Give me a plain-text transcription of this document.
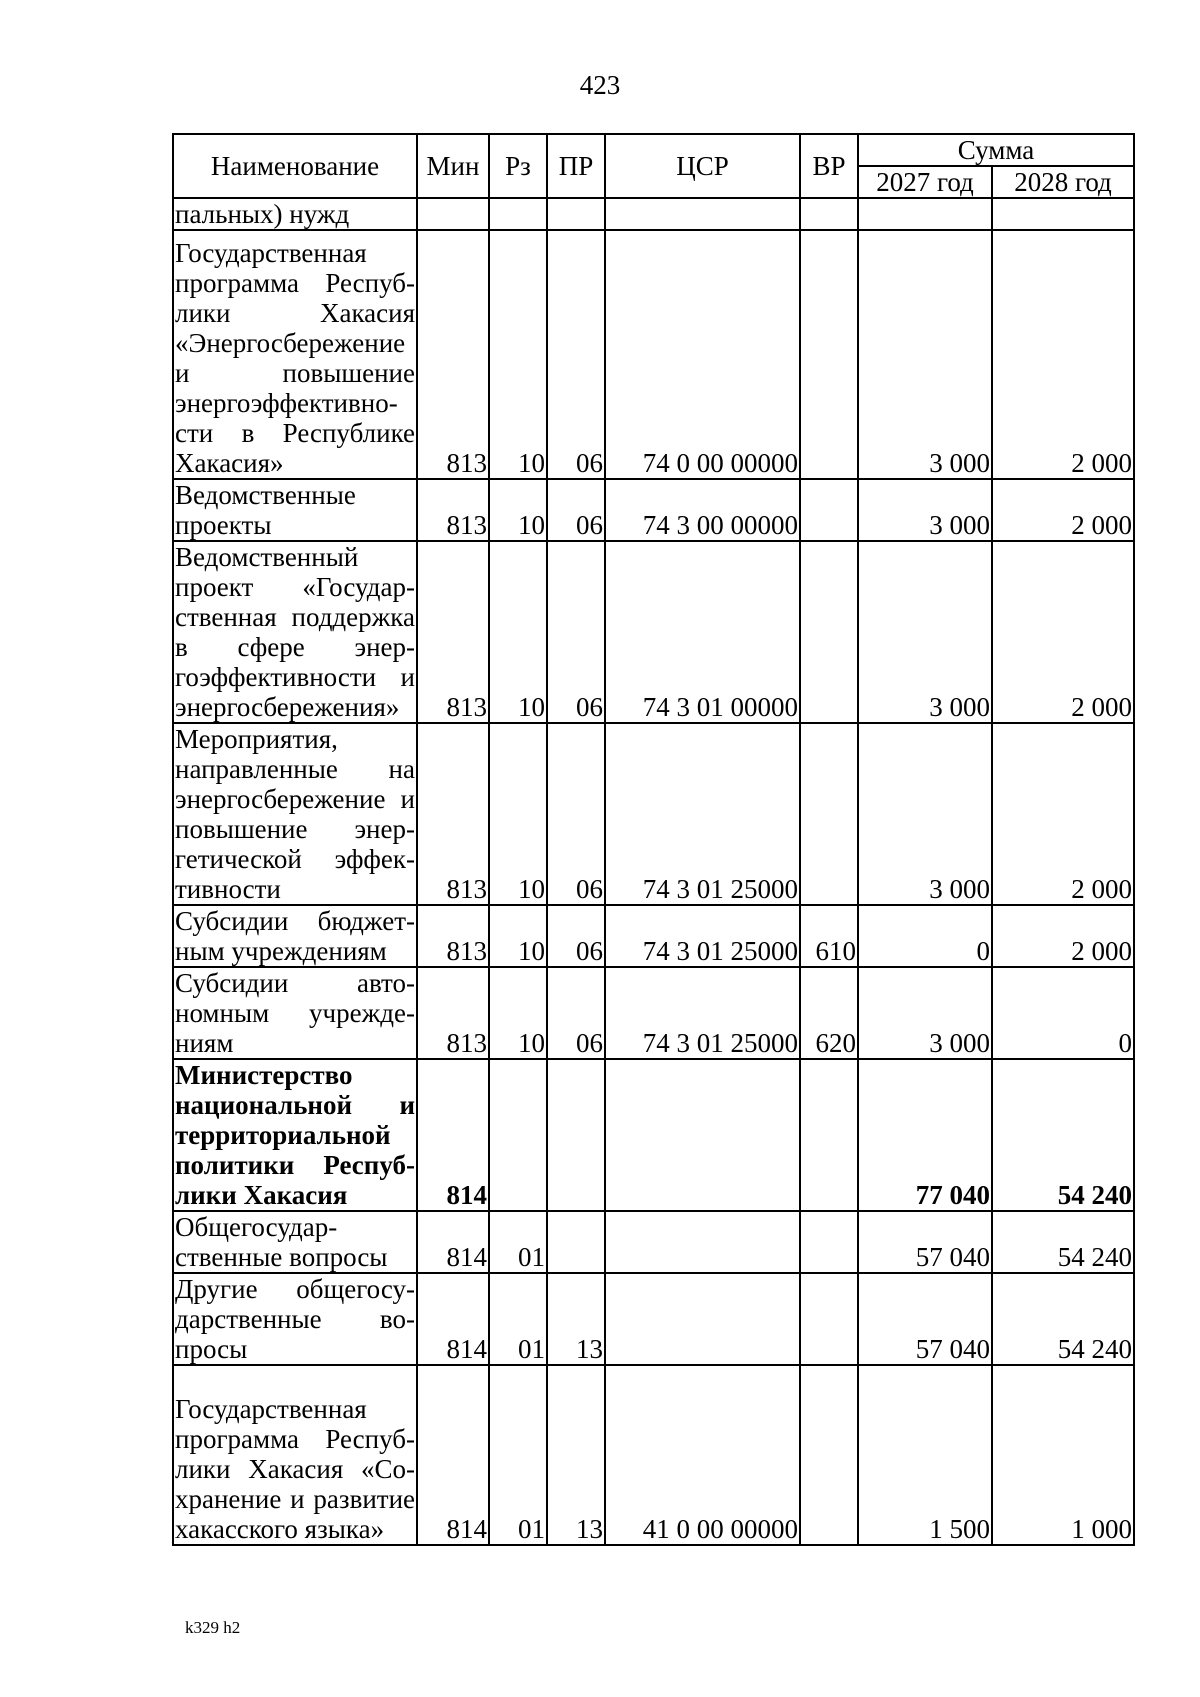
423
Наименование	Мин	Рз	ПР	ЦСР	ВР	Сумма	
						2027 год	2028 год
пальных) нужд							
Государственная программа Республики Хакасия «Энергосбережение и повышение энергоэффективности в Республике Хакасия»	813	10	06	74 0 00 00000		3 000	2 000
Ведомственные проекты	813	10	06	74 3 00 00000		3 000	2 000
Ведомственный проект «Государственная поддержка в сфере энергоэффективности и энергосбережения»	813	10	06	74 3 01 00000		3 000	2 000
Мероприятия, направленные на энергосбережение и повышение энергетической эффективности	813	10	06	74 3 01 25000		3 000	2 000
Субсидии бюджетным учреждениям	813	10	06	74 3 01 25000	610	0	2 000
Субсидии автономным учреждениям	813	10	06	74 3 01 25000	620	3 000	0
Министерство национальной и территориальной политики Республики Хакасия	814					77 040	54 240
Общегосударственные вопросы	814	01				57 040	54 240
Другие общегосударственные вопросы	814	01	13			57 040	54 240
Государственная программа Республики Хакасия «Сохранение и развитие хакасского языка»	814	01	13	41 0 00 00000		1 500	1 000
k329 h2
